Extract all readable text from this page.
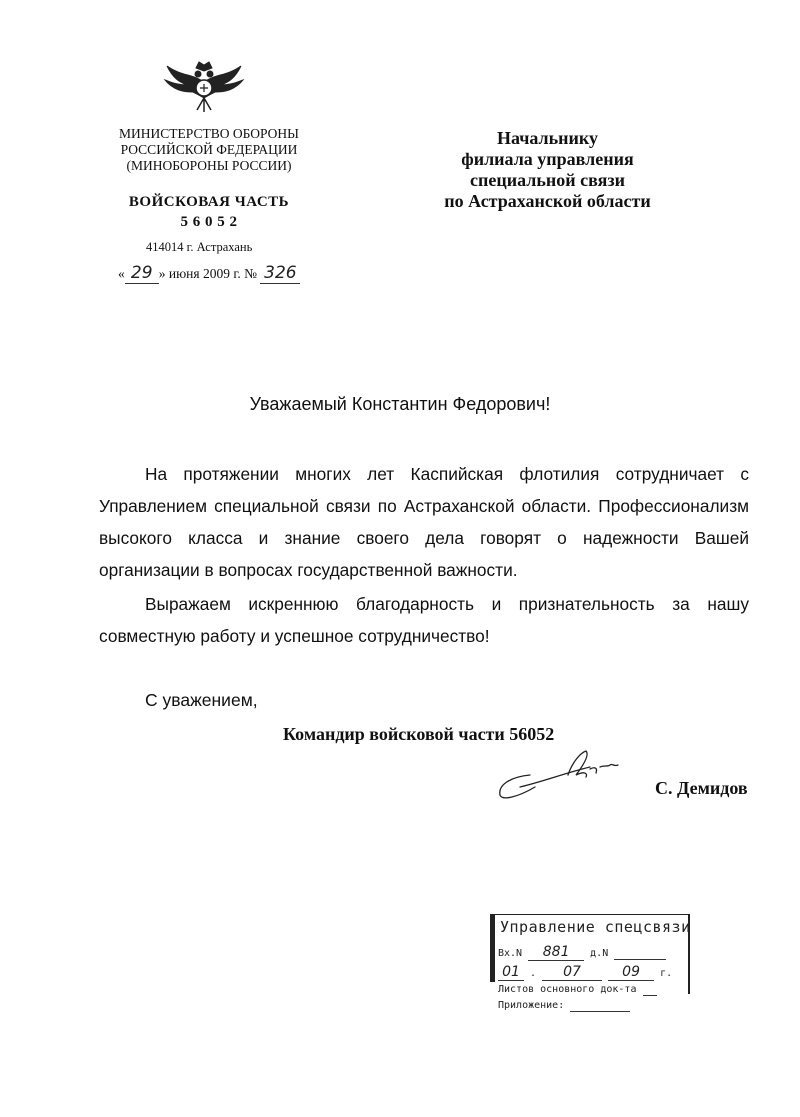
МИНИСТЕРСТВО ОБОРОНЫ
РОССИЙСКОЙ ФЕДЕРАЦИИ
(МИНОБОРОНЫ РОССИИ)
ВОЙСКОВАЯ ЧАСТЬ
5 6 0 5 2
414014 г. Астрахань
« 29 » июня 2009 г. № 326
Начальнику
филиала управления
специальной связи
по Астраханской области
Уважаемый Константин Федорович!

На протяжении многих лет Каспийская флотилия сотрудничает с Управлением специальной связи по Астраханской области. Профессионализм высокого класса и знание своего дела говорят о надежности Вашей организации в вопросах государственной важности.

Выражаем искреннюю благодарность и признательность за нашу совместную работу и успешное сотрудничество!

С уважением,
Командир войсковой части 56052
С. Демидов
Управление спецсвязи
Вх.N 881 д.N
01 . 07	09 г.
Листов основного док-та
Приложение:
